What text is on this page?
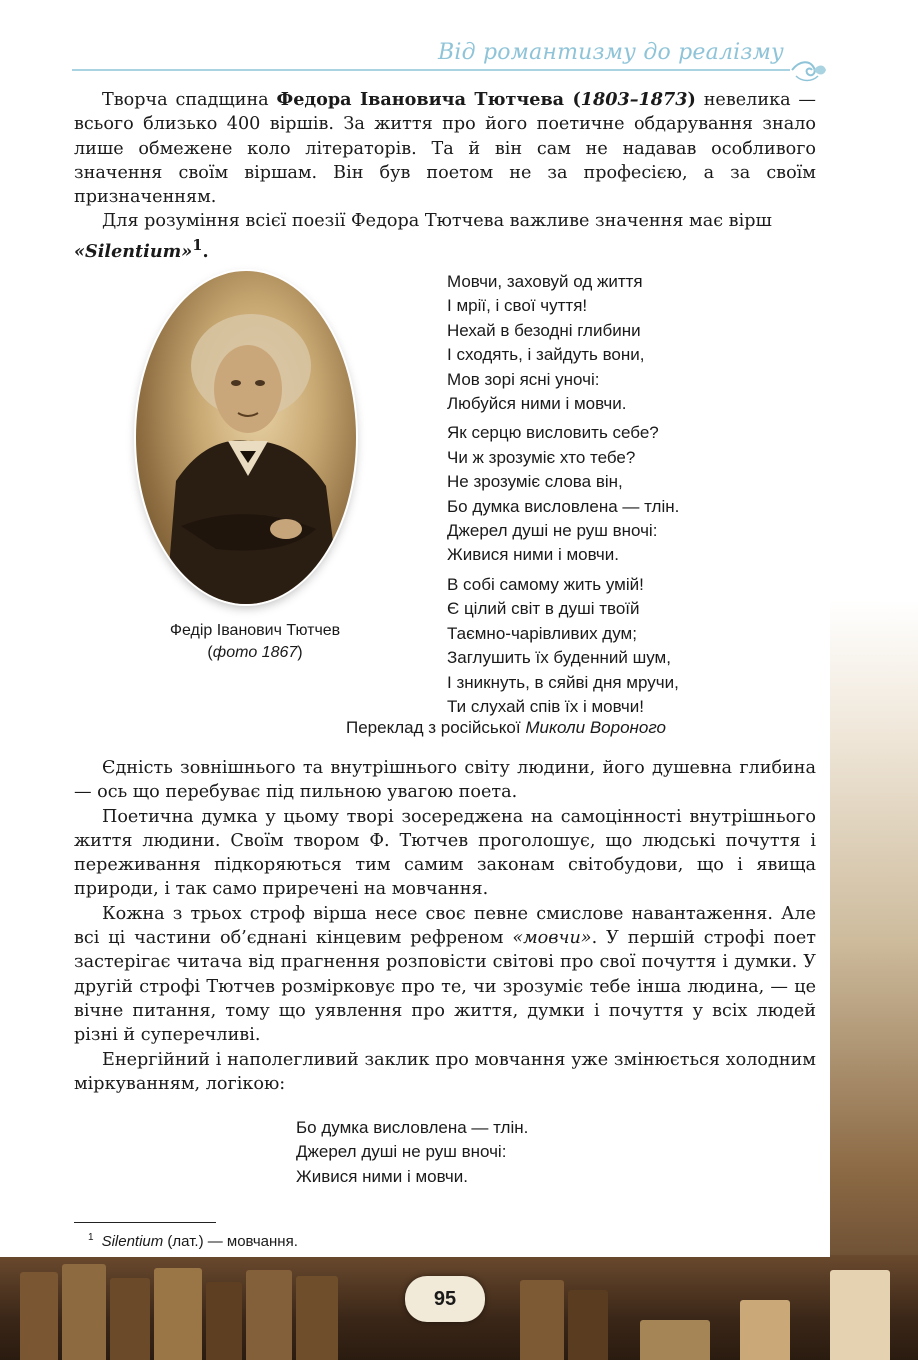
Від романтизму до реалізму

Творча спадщина Федора Івановича Тютчева (1803–1873) невелика — всього близько 400 віршів. За життя про його поетичне обдарування знало лише обмежене коло літераторів. Та й він сам не надавав особливого значення своїм віршам. Він був поетом не за професією, а за своїм призначенням.

Для розуміння всієї поезії Федора Тютчева важливе значення має вірш «Silentium»$^1$.

Федір Іванович Тютчев
(фото 1867)
Мовчи, заховуй од життя
І мрії, і свої чуття!
Нехай в безодні глибини
І сходять, і зайдуть вони,
Мов зорі ясні уночі:
Любуйся ними і мовчи.
Як серцю висловить себе?
Чи ж зрозуміє хто тебе?
Не зрозуміє слова він,
Бо думка висловлена — тлін.
Джерел душі не руш вночі:
Живися ними і мовчи.
В собі самому жить умій!
Є цілий світ в душі твоїй
Таємно-чарівливих дум;
Заглушить їх буденний шум,
І зникнуть, в сяйві дня мручи,
Ти слухай спів їх і мовчи!
Переклад з російської Миколи Вороного

Єдність зовнішнього та внутрішнього світу людини, його душевна глибина — ось що перебуває під пильною увагою поета.

Поетична думка у цьому творі зосереджена на самоцінності внутрішнього життя людини. Своїм твором Ф. Тютчев проголошує, що людські почуття і переживання підкоряються тим самим законам світобудови, що і явища природи, і так само приречені на мовчання.

Кожна з трьох строф вірша несе своє певне смислове навантаження. Але всі ці частини об’єднані кінцевим рефреном «мовчи». У першій строфі поет застерігає читача від прагнення розповісти світові про свої почуття і думки. У другій строфі Тютчев розмірковує про те, чи зрозуміє тебе інша людина, — це вічне питання, тому що уявлення про життя, думки і почуття у всіх людей різні й суперечливі.

Енергійний і наполегливий заклик про мовчання уже змінюється холодним міркуванням, логікою:

Бо думка висловлена — тлін.
Джерел душі не руш вночі:
Живися ними і мовчи.
$^1$ Silentium (лат.) — мовчання.
95
